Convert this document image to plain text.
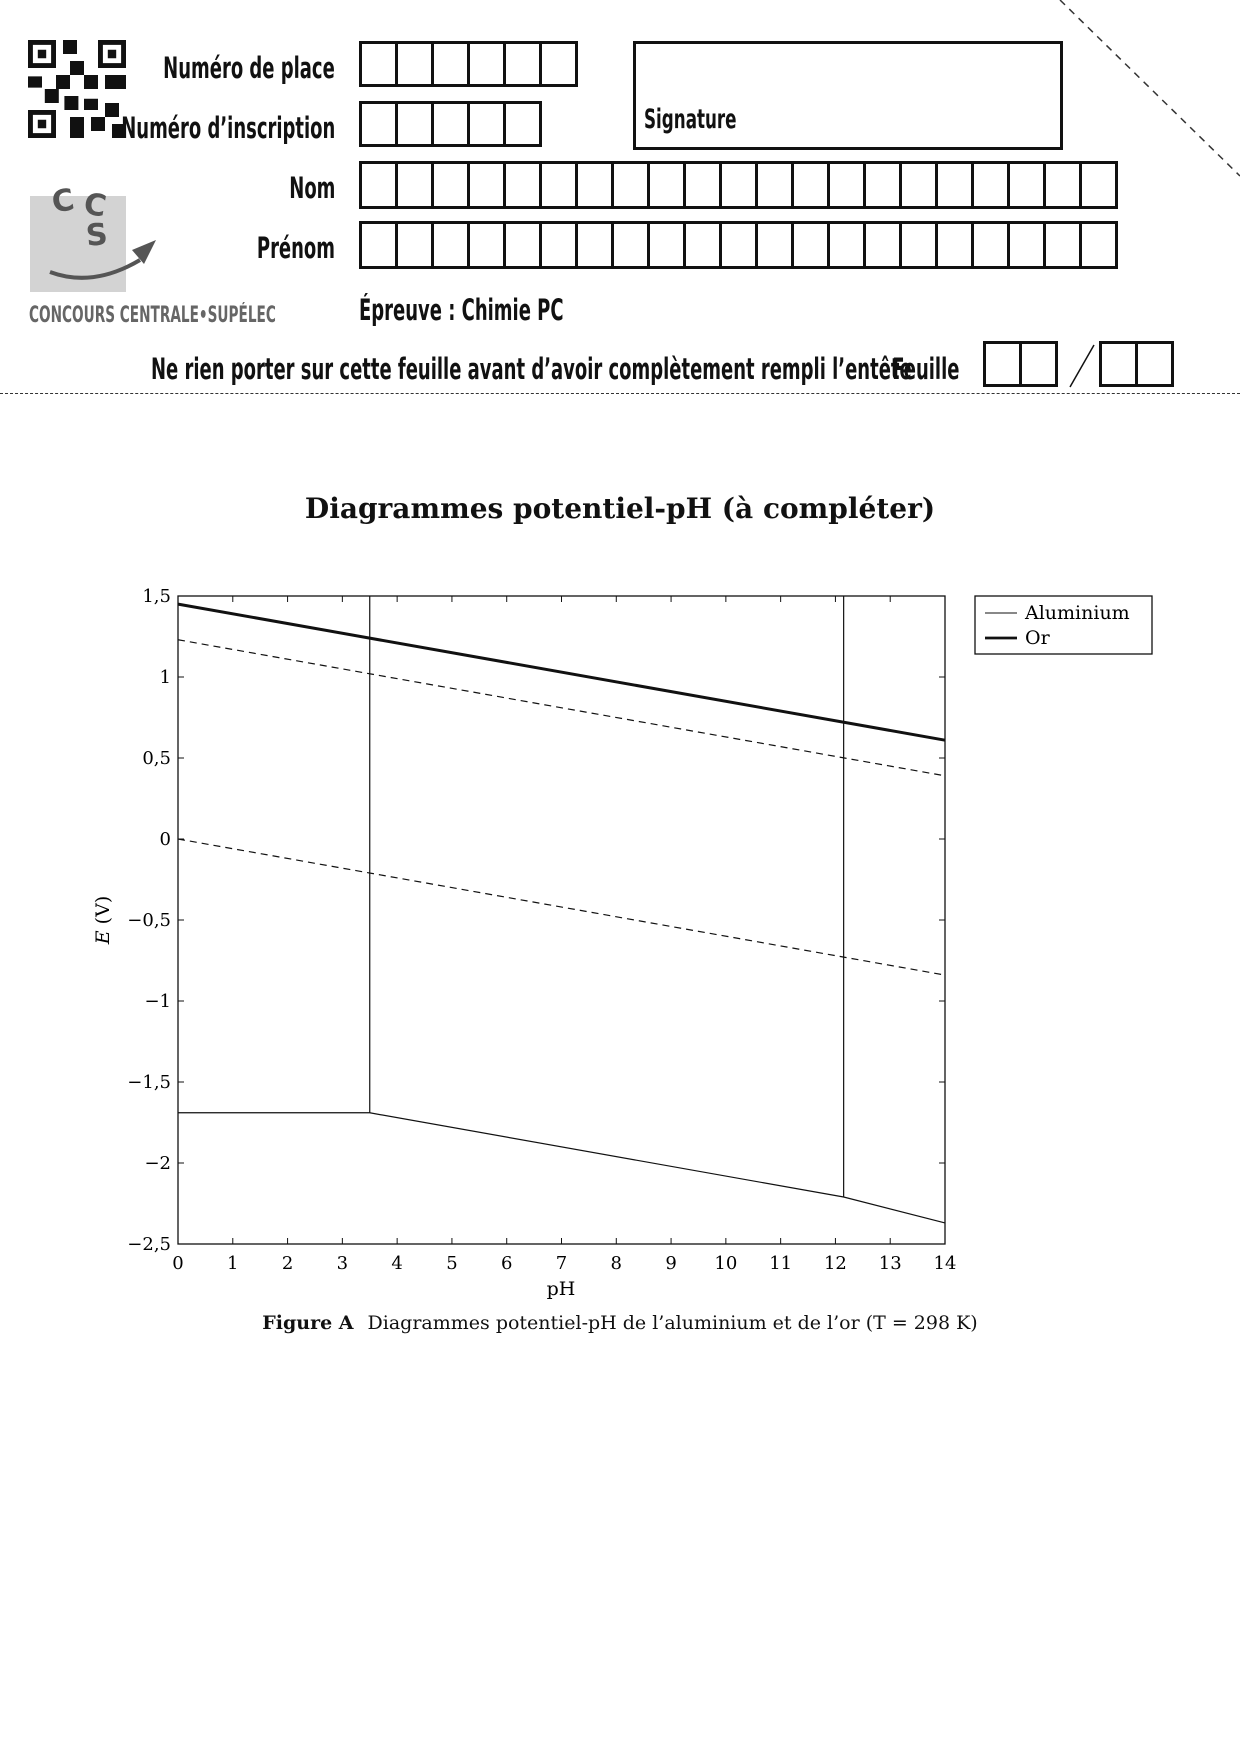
Numéro de place
Numéro d’inscription
Nom
Prénom
Signature
C C
S
CONCOURS CENTRALE•SUPÉLEC	Épreuve : Chimie PC
Ne rien porter sur cette feuille avant d’avoir complètement rempli l’entête
Feuille
Diagrammes potentiel-pH (à compléter)
0 1 2 3 4 5 6 7 8 9 10 11 12 13 14
1,5
1
0,5
0
−0,5
−1
−1,5
−2
−2,5
pH
E (V)
Aluminium
Or
Figure A Diagrammes potentiel-pH de l’aluminium et de l’or (T = 298 K)
